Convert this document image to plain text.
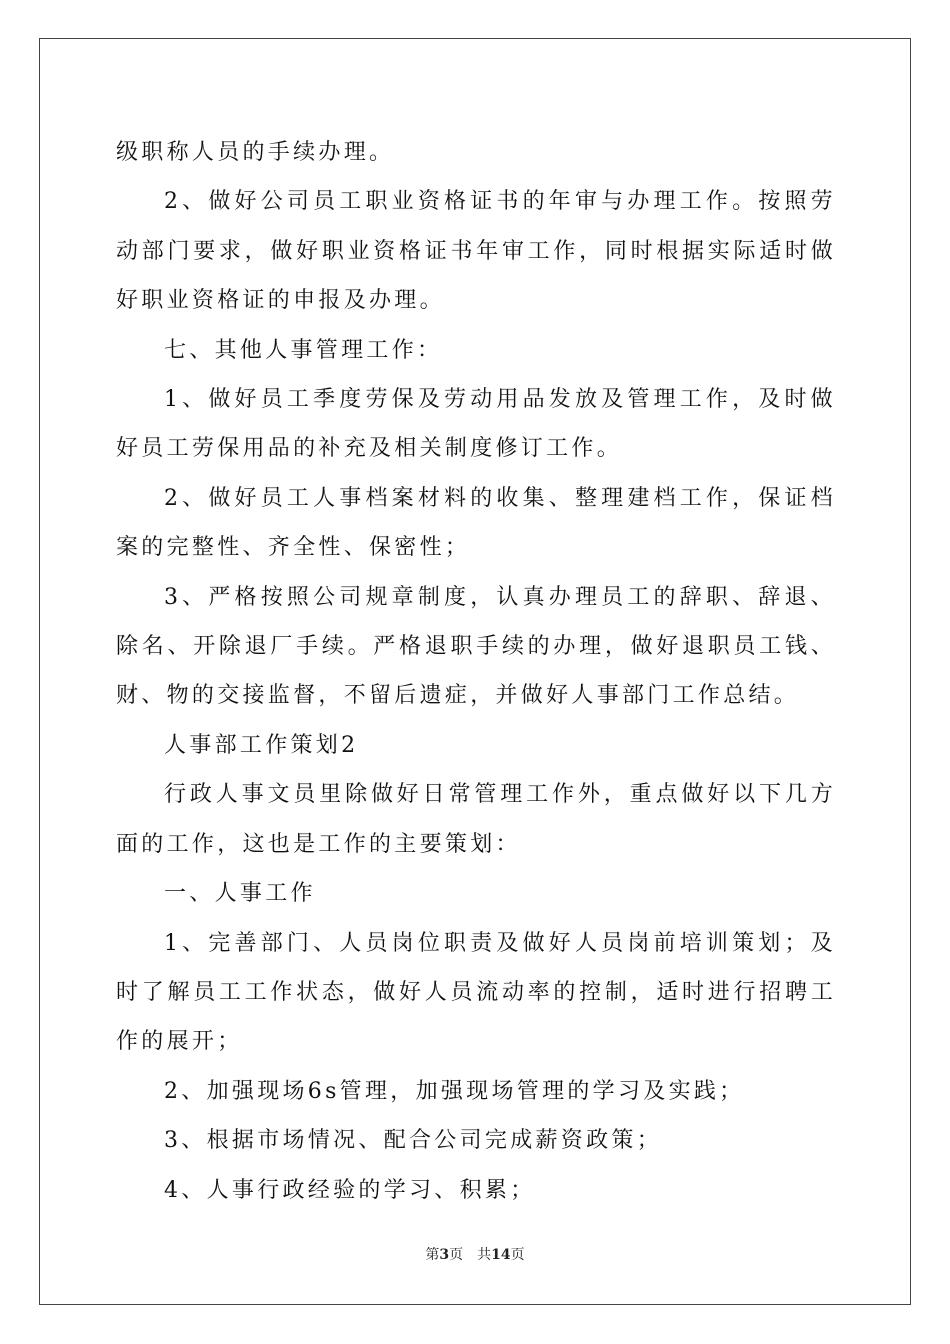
级职称人员的手续办理。

2、做好公司员工职业资格证书的年审与办理工作。按照劳动部门要求，做好职业资格证书年审工作，同时根据实际适时做好职业资格证的申报及办理。

七、其他人事管理工作：

1、做好员工季度劳保及劳动用品发放及管理工作，及时做好员工劳保用品的补充及相关制度修订工作。

2、做好员工人事档案材料的收集、整理建档工作，保证档案的完整性、齐全性、保密性；

3、严格按照公司规章制度，认真办理员工的辞职、辞退、除名、开除退厂手续。严格退职手续的办理，做好退职员工钱、财、物的交接监督，不留后遗症，并做好人事部门工作总结。

人事部工作策划2

行政人事文员里除做好日常管理工作外，重点做好以下几方面的工作，这也是工作的主要策划：

一、人事工作

1、完善部门、人员岗位职责及做好人员岗前培训策划；及时了解员工工作状态，做好人员流动率的控制，适时进行招聘工作的展开；

2、加强现场6s管理，加强现场管理的学习及实践；

3、根据市场情况、配合公司完成薪资政策；

4、人事行政经验的学习、积累；

第3页 共14页
